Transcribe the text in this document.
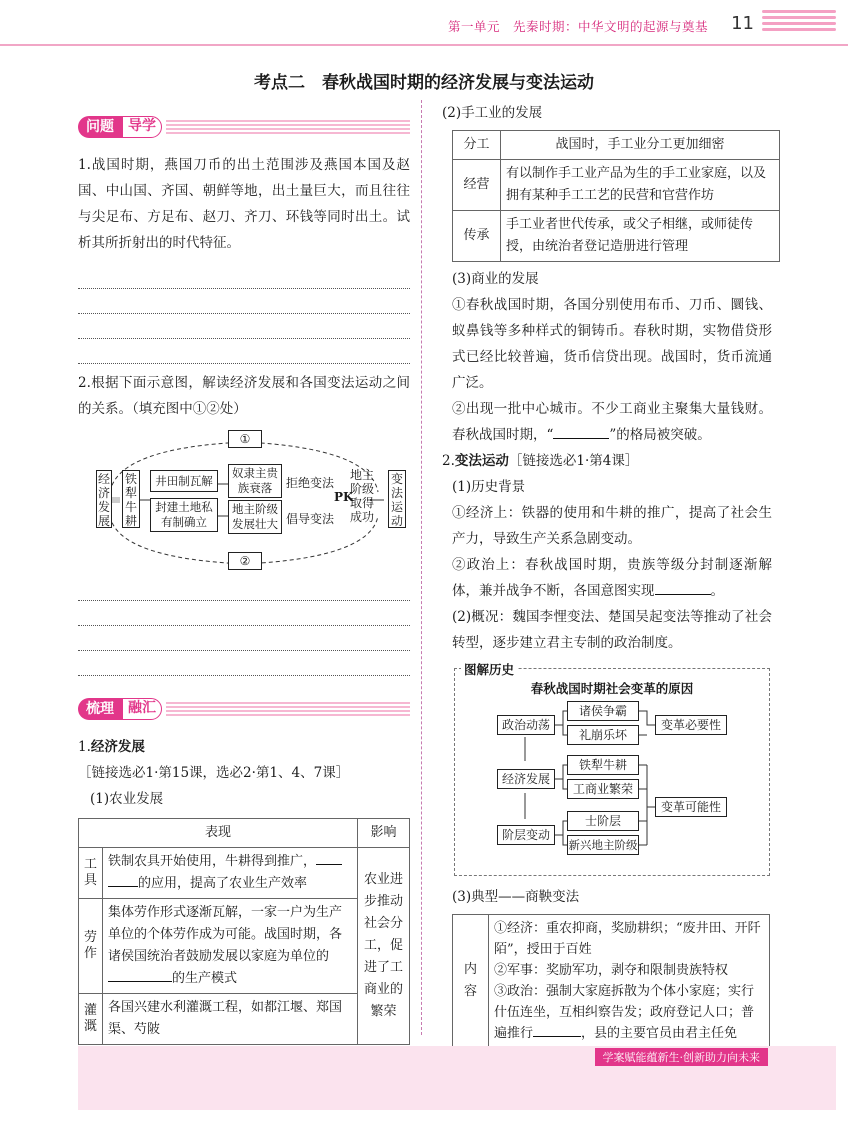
第一单元　先秦时期：中华文明的起源与奠基 11
考点二　春秋战国时期的经济发展与变法运动
问题	导学
1.战国时期，燕国刀币的出土范围涉及燕国本国及赵国、中山国、齐国、朝鲜等地，出土量巨大，而且往往与尖足布、方足布、赵刀、齐刀、环钱等同时出土。试析其所折射出的时代特征。
2.根据下面示意图，解读经济发展和各国变法运动之间的关系。（填充图中①②处）
①
②
经济发展
铁犁牛耕
井田制瓦解
封建土地私有制确立
奴隶主贵族衰落
地主阶级发展壮大
拒绝变法
倡导变法
PK
地主阶级取得成功
变法运动
梳理	融汇
1.经济发展［链接选必1·第15课，选必2·第1、4、7课］
(1)农业发展
表现		影响
工具	铁制农具开始使用，牛耕得到推广，的应用，提高了农业生产效率	农业进步推动社会分工，促进了工商业的繁荣
劳作	集体劳作形式逐渐瓦解，一家一户为生产单位的个体劳作成为可能。战国时期，各诸侯国统治者鼓励发展以家庭为单位的的生产模式	
灌溉	各国兴建水利灌溉工程，如都江堰、郑国渠、芍陂	
(2)手工业的发展
分工	战国时，手工业分工更加细密
经营	有以制作手工业产品为生的手工业家庭，以及拥有某种手工工艺的民营和官营作坊
传承	手工业者世代传承，或父子相继，或师徒传授，由统治者登记造册进行管理
(3)商业的发展
①春秋战国时期，各国分别使用布币、刀币、圜钱、蚁鼻钱等多种样式的铜铸币。春秋时期，实物借贷形式已经比较普遍，货币信贷出现。战国时，货币流通广泛。
②出现一批中心城市。不少工商业主聚集大量钱财。春秋战国时期，“	”的格局被突破。
2.变法运动［链接选必1·第4课］
(1)历史背景
①经济上：铁器的使用和牛耕的推广，提高了社会生产力，导致生产关系急剧变动。
②政治上：春秋战国时期，贵族等级分封制逐渐解体，兼并战争不断，各国意图实现	。
(2)概况：魏国李悝变法、楚国吴起变法等推动了社会转型，逐步建立君主专制的政治制度。
图解历史
春秋战国时期社会变革的原因
政治动荡
诸侯争霸
礼崩乐坏
变革必要性
经济发展
铁犁牛耕
工商业繁荣
变革可能性
阶层变动
士阶层
新兴地主阶级
(3)典型——商鞅变法
内容	
①经济：重农抑商，奖励耕织；“废井田、开阡陌”，授田于百姓
②军事：奖励军功，剥夺和限制贵族特权
③政治：强制大家庭拆散为个体小家庭；实行什伍连坐，互相纠察告发；政府登记人口；普遍推行	，县的主要官员由君主任免
学案赋能蕴新生·创新助力向未来
